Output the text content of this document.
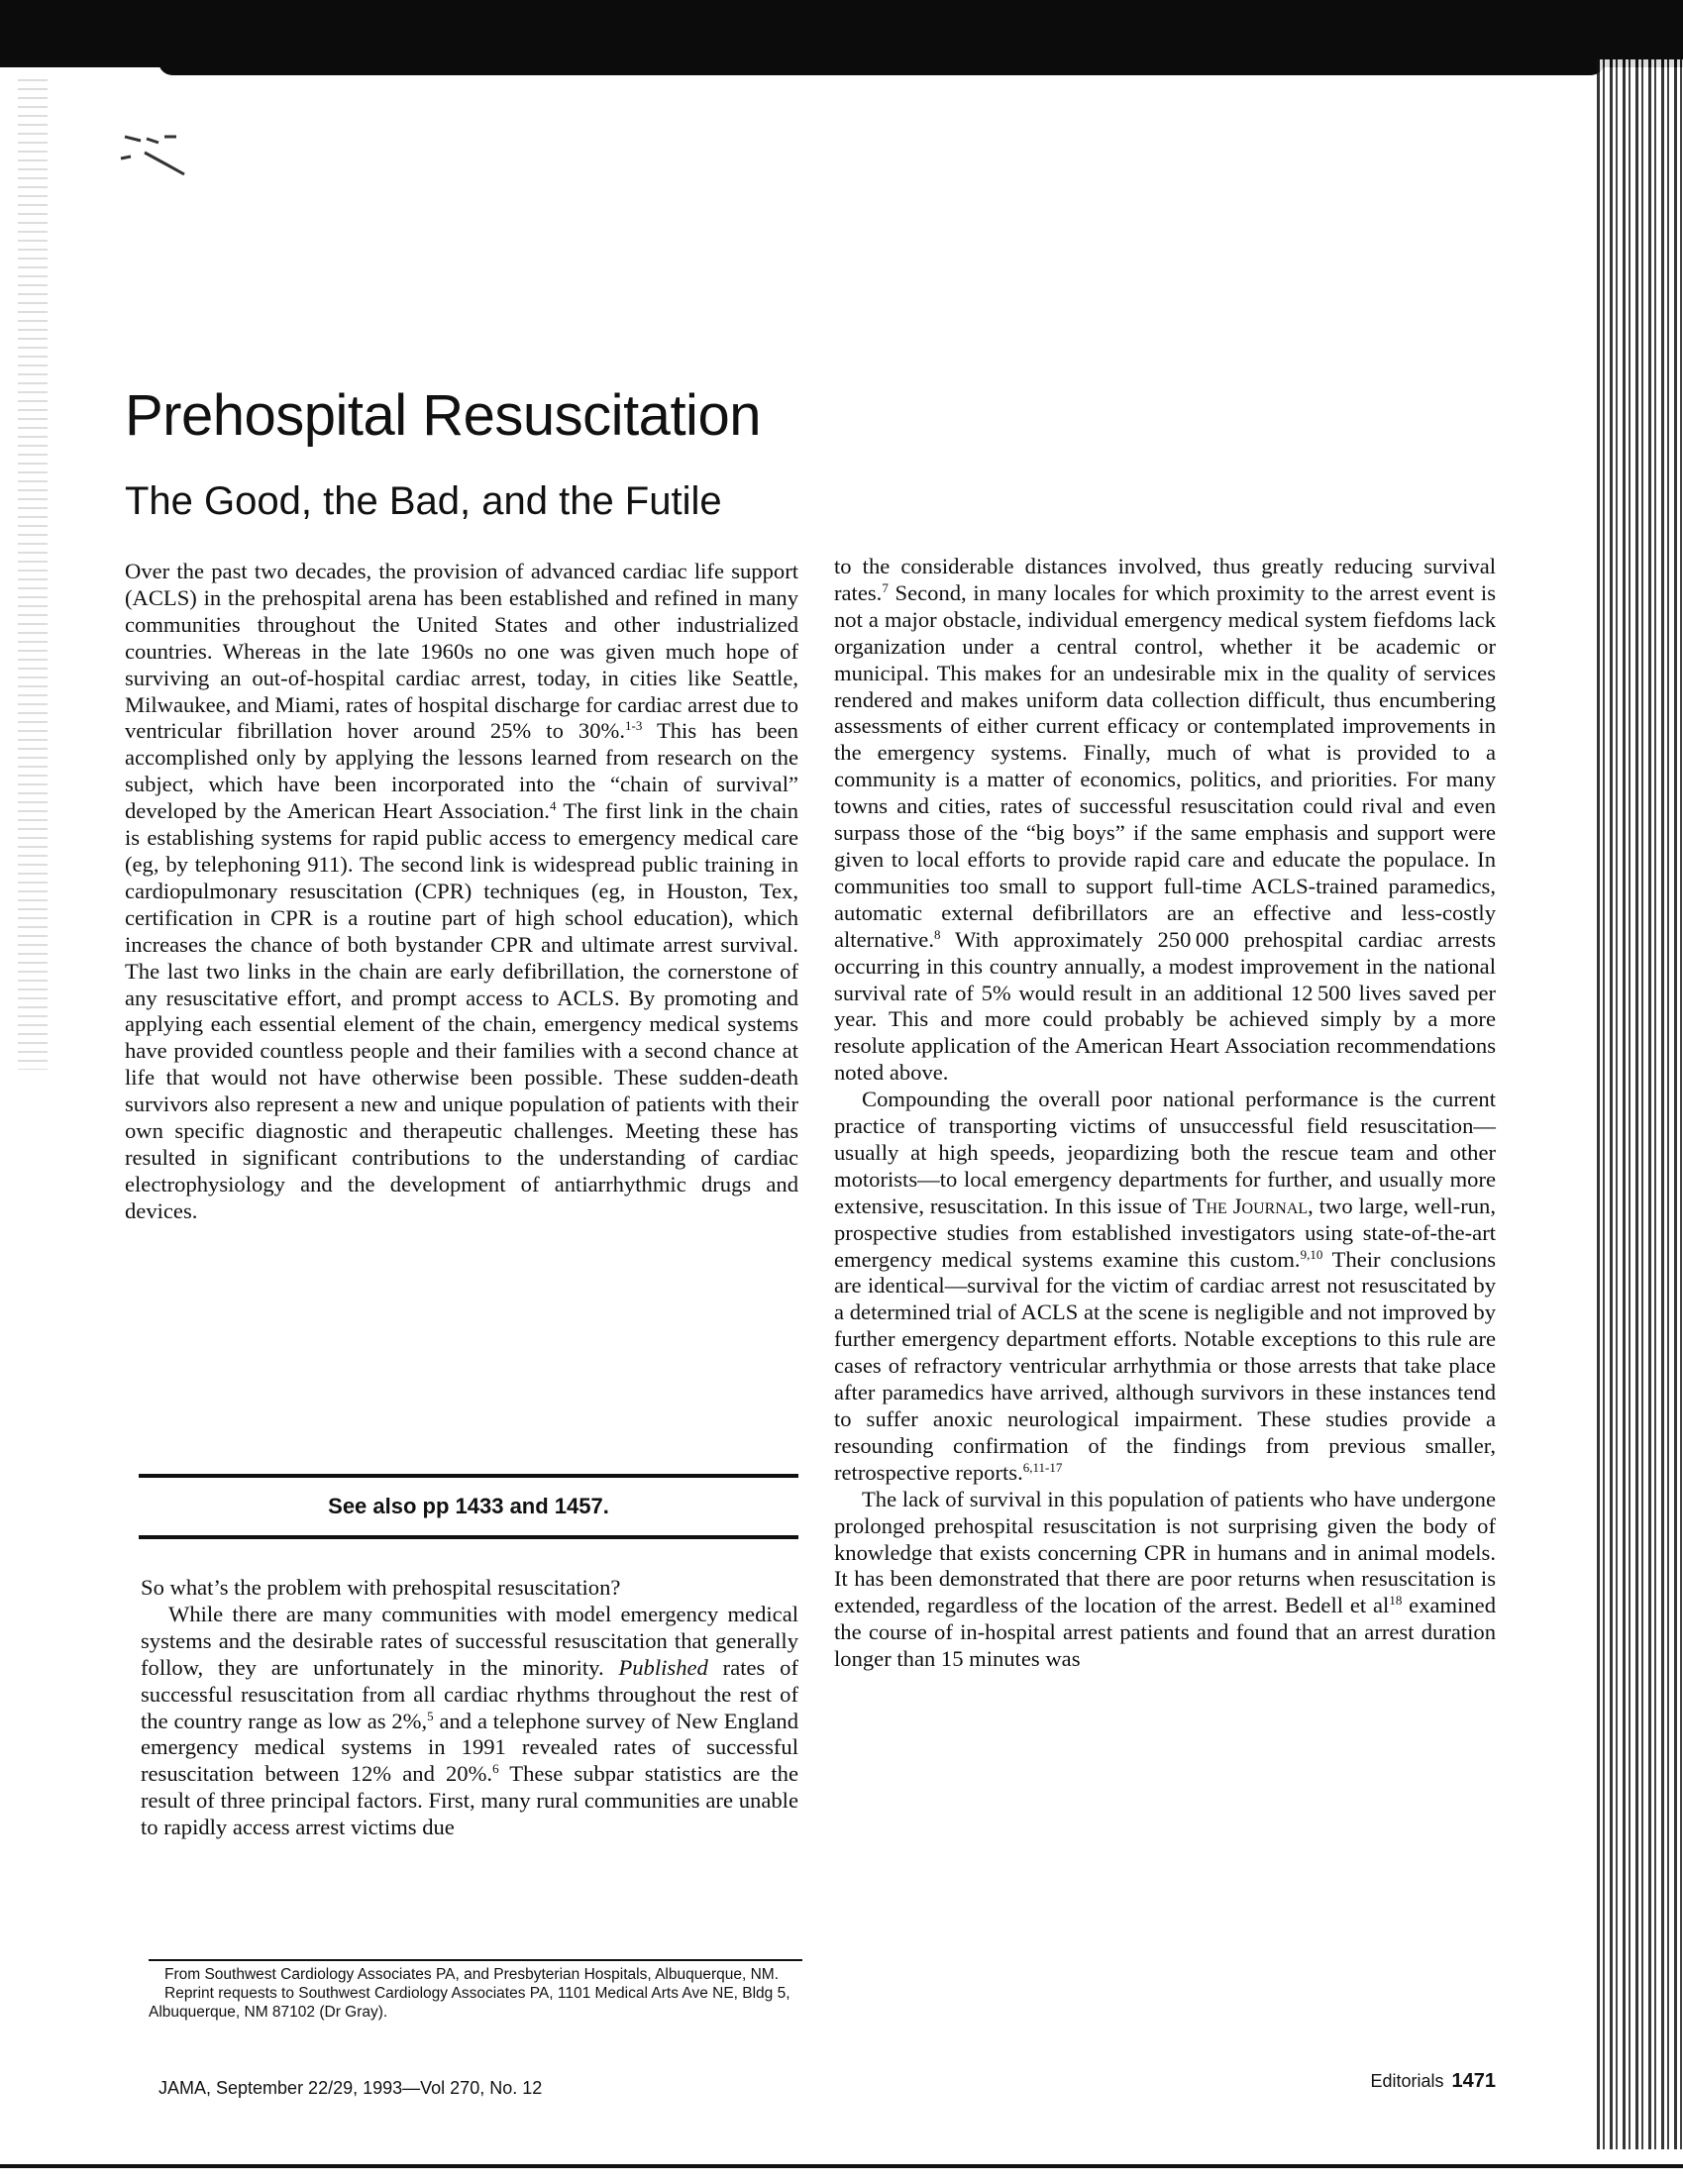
Prehospital Resuscitation
The Good, the Bad, and the Futile

Over the past two decades, the provision of advanced cardiac life support (ACLS) in the prehospital arena has been established and refined in many communities throughout the United States and other industrialized countries. Whereas in the late 1960s no one was given much hope of surviving an out-of-hospital cardiac arrest, today, in cities like Seattle, Milwaukee, and Miami, rates of hospital discharge for cardiac arrest due to ventricular fibrillation hover around 25% to 30%.$^{1-3}$ This has been accomplished only by applying the lessons learned from research on the subject, which have been incorporated into the “chain of survival” developed by the American Heart Association.$^4$ The first link in the chain is establishing systems for rapid public access to emergency medical care (eg, by telephoning 911). The second link is widespread public training in cardiopulmonary resuscitation (CPR) techniques (eg, in Houston, Tex, certification in CPR is a routine part of high school education), which increases the chance of both bystander CPR and ultimate arrest survival. The last two links in the chain are early defibrillation, the cornerstone of any resuscitative effort, and prompt access to ACLS. By promoting and applying each essential element of the chain, emergency medical systems have provided countless people and their families with a second chance at life that would not have otherwise been possible. These sudden-death survivors also represent a new and unique population of patients with their own specific diagnostic and therapeutic challenges. Meeting these has resulted in significant contributions to the understanding of cardiac electrophysiology and the development of antiarrhythmic drugs and devices.

See also pp 1433 and 1457.

So what’s the problem with prehospital resuscitation?

While there are many communities with model emergency medical systems and the desirable rates of successful resuscitation that generally follow, they are unfortunately in the minority. Published rates of successful resuscitation from all cardiac rhythms throughout the rest of the country range as low as 2%,$^5$ and a telephone survey of New England emergency medical systems in 1991 revealed rates of successful resuscitation between 12% and 20%.$^6$ These subpar statistics are the result of three principal factors. First, many rural communities are unable to rapidly access arrest victims due

From Southwest Cardiology Associates PA, and Presbyterian Hospitals, Albuquerque, NM.

Reprint requests to Southwest Cardiology Associates PA, 1101 Medical Arts Ave NE, Bldg 5, Albuquerque, NM 87102 (Dr Gray).

to the considerable distances involved, thus greatly reducing survival rates.$^7$ Second, in many locales for which proximity to the arrest event is not a major obstacle, individual emergency medical system fiefdoms lack organization under a central control, whether it be academic or municipal. This makes for an undesirable mix in the quality of services rendered and makes uniform data collection difficult, thus encumbering assessments of either current efficacy or contemplated improvements in the emergency systems. Finally, much of what is provided to a community is a matter of economics, politics, and priorities. For many towns and cities, rates of successful resuscitation could rival and even surpass those of the “big boys” if the same emphasis and support were given to local efforts to provide rapid care and educate the populace. In communities too small to support full-time ACLS-trained paramedics, automatic external defibrillators are an effective and less-costly alternative.$^8$ With approximately 250 000 prehospital cardiac arrests occurring in this country annually, a modest improvement in the national survival rate of 5% would result in an additional 12 500 lives saved per year. This and more could probably be achieved simply by a more resolute application of the American Heart Association recommendations noted above.

Compounding the overall poor national performance is the current practice of transporting victims of unsuccessful field resuscitation—usually at high speeds, jeopardizing both the rescue team and other motorists—to local emergency departments for further, and usually more extensive, resuscitation. In this issue of The Journal, two large, well-run, prospective studies from established investigators using state-of-the-art emergency medical systems examine this custom.$^{9,10}$ Their conclusions are identical—survival for the victim of cardiac arrest not resuscitated by a determined trial of ACLS at the scene is negligible and not improved by further emergency department efforts. Notable exceptions to this rule are cases of refractory ventricular arrhythmia or those arrests that take place after paramedics have arrived, although survivors in these instances tend to suffer anoxic neurological impairment. These studies provide a resounding confirmation of the findings from previous smaller, retrospective reports.$^{6,11-17}$

The lack of survival in this population of patients who have undergone prolonged prehospital resuscitation is not surprising given the body of knowledge that exists concerning CPR in humans and in animal models. It has been demonstrated that there are poor returns when resuscitation is extended, regardless of the location of the arrest. Bedell et $al^{18}$ examined the course of in-hospital arrest patients and found that an arrest duration longer than 15 minutes was

JAMA, September 22/29, 1993—Vol 270, No. 12	Editorials 1471
